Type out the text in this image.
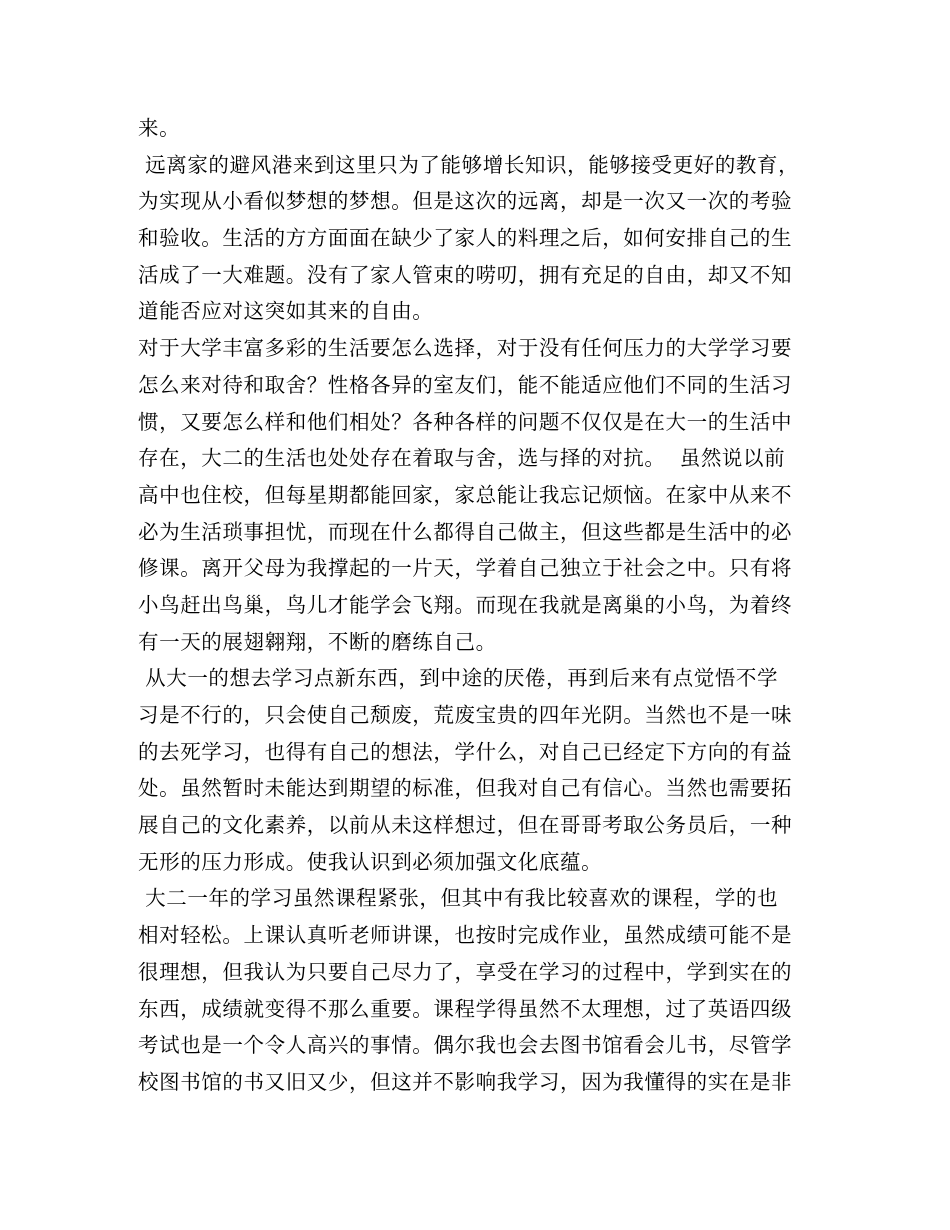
来。
远离家的避风港来到这里只为了能够增长知识，能够接受更好的教育，
为实现从小看似梦想的梦想。但是这次的远离，却是一次又一次的考验
和验收。生活的方方面面在缺少了家人的料理之后，如何安排自己的生
活成了一大难题。没有了家人管束的唠叨，拥有充足的自由，却又不知
道能否应对这突如其来的自由。
对于大学丰富多彩的生活要怎么选择，对于没有任何压力的大学学习要
怎么来对待和取舍？性格各异的室友们，能不能适应他们不同的生活习
惯，又要怎么样和他们相处？各种各样的问题不仅仅是在大一的生活中
存在，大二的生活也处处存在着取与舍，选与择的对抗。  虽然说以前
高中也住校，但每星期都能回家，家总能让我忘记烦恼。在家中从来不
必为生活琐事担忧，而现在什么都得自己做主，但这些都是生活中的必
修课。离开父母为我撑起的一片天，学着自己独立于社会之中。只有将
小鸟赶出鸟巢，鸟儿才能学会飞翔。而现在我就是离巢的小鸟，为着终
有一天的展翅翱翔，不断的磨练自己。
从大一的想去学习点新东西，到中途的厌倦，再到后来有点觉悟不学
习是不行的，只会使自己颓废，荒废宝贵的四年光阴。当然也不是一味
的去死学习，也得有自己的想法，学什么，对自己已经定下方向的有益
处。虽然暂时未能达到期望的标准，但我对自己有信心。当然也需要拓
展自己的文化素养，以前从未这样想过，但在哥哥考取公务员后，一种
无形的压力形成。使我认识到必须加强文化底蕴。
大二一年的学习虽然课程紧张，但其中有我比较喜欢的课程，学的也
相对轻松。上课认真听老师讲课，也按时完成作业，虽然成绩可能不是
很理想，但我认为只要自己尽力了，享受在学习的过程中，学到实在的
东西，成绩就变得不那么重要。课程学得虽然不太理想，过了英语四级
考试也是一个令人高兴的事情。偶尔我也会去图书馆看会儿书，尽管学
校图书馆的书又旧又少，但这并不影响我学习，因为我懂得的实在是非
